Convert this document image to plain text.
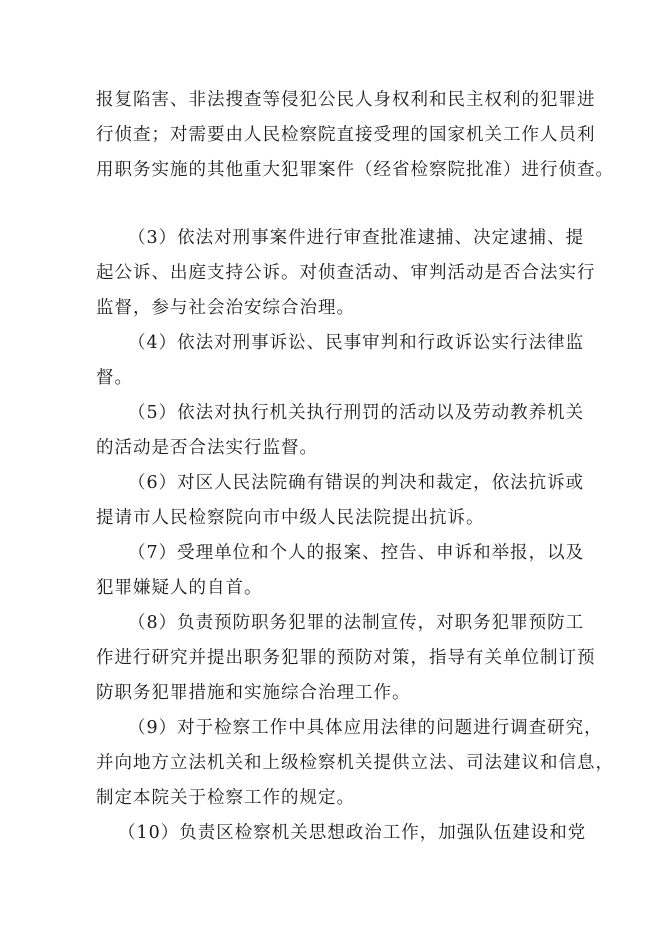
报复陷害、非法搜查等侵犯公民人身权利和民主权利的犯罪进
行侦查；对需要由人民检察院直接受理的国家机关工作人员利
用职务实施的其他重大犯罪案件（经省检察院批准）进行侦查。
（3）依法对刑事案件进行审查批准逮捕、决定逮捕、提
起公诉、出庭支持公诉。对侦查活动、审判活动是否合法实行
监督，参与社会治安综合治理。
（4）依法对刑事诉讼、民事审判和行政诉讼实行法律监
督。
（5）依法对执行机关执行刑罚的活动以及劳动教养机关
的活动是否合法实行监督。
（6）对区人民法院确有错误的判决和裁定，依法抗诉或
提请市人民检察院向市中级人民法院提出抗诉。
（7）受理单位和个人的报案、控告、申诉和举报，以及
犯罪嫌疑人的自首。
（8）负责预防职务犯罪的法制宣传，对职务犯罪预防工
作进行研究并提出职务犯罪的预防对策，指导有关单位制订预
防职务犯罪措施和实施综合治理工作。
（9）对于检察工作中具体应用法律的问题进行调查研究，
并向地方立法机关和上级检察机关提供立法、司法建议和信息，
制定本院关于检察工作的规定。
（10）负责区检察机关思想政治工作，加强队伍建设和党
